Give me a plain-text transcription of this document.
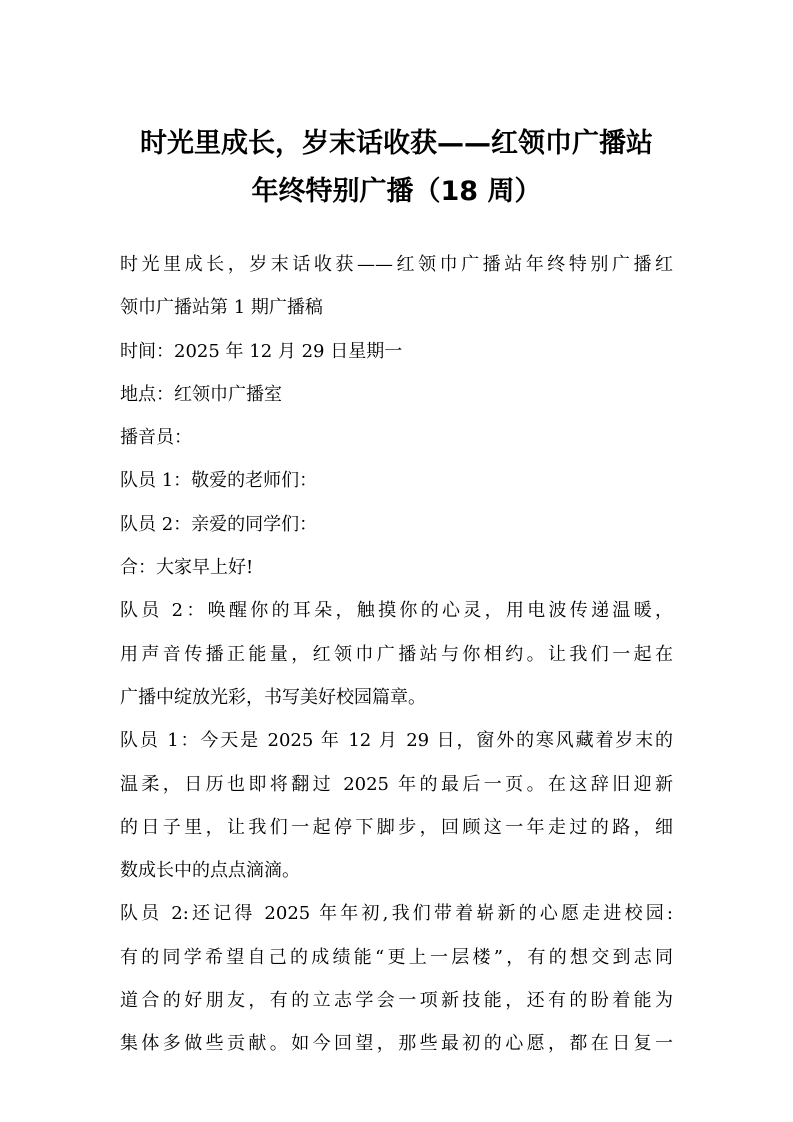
时光里成长，岁末话收获——红领巾广播站
年终特别广播（18 周）
时光里成长，岁末话收获——红领巾广播站年终特别广播红
领巾广播站第 1 期广播稿
时间：2025 年 12 月 29 日星期一
地点：红领巾广播室
播音员：
队员 1：敬爱的老师们：
队员 2：亲爱的同学们：
合：大家早上好!
队员 2：唤醒你的耳朵，触摸你的心灵，用电波传递温暖，
用声音传播正能量，红领巾广播站与你相约。让我们一起在
广播中绽放光彩，书写美好校园篇章。
队员 1：今天是 2025 年 12 月 29 日，窗外的寒风藏着岁末的
温柔，日历也即将翻过 2025 年的最后一页。在这辞旧迎新
的日子里，让我们一起停下脚步，回顾这一年走过的路，细
数成长中的点点滴滴。
队员 2:还记得 2025 年年初,我们带着崭新的心愿走进校园:
有的同学希望自己的成绩能“更上一层楼”，有的想交到志同
道合的好朋友，有的立志学会一项新技能，还有的盼着能为
集体多做些贡献。如今回望，那些最初的心愿，都在日复一
